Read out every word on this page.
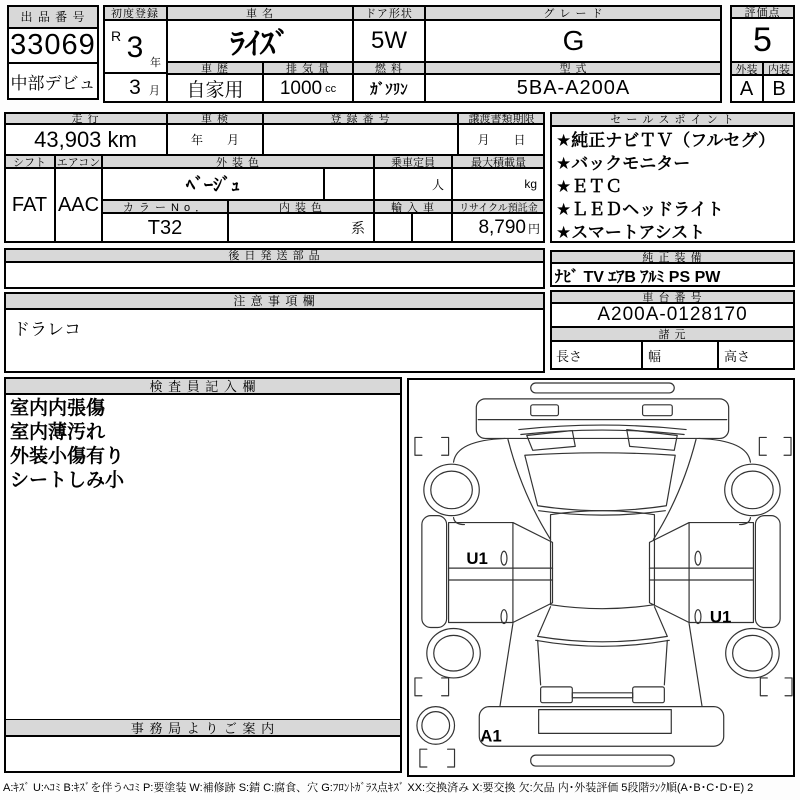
出 品 番 号
33069
中部デビュ
初度登録
R 3 年
3 月
車 名
ﾗｲｽﾞ
車 歴
自家用
排 気 量
1000 cc
ドア形状
5W
燃 料
ｶﾞｿﾘﾝ
グ レ ー ド
G
型 式
5BA-A200A
評価点
5
外装 内装
A B
走 行
43,903 km
車 検
年　　月
登 録 番 号	譲渡書類期限
月　　日
シフト
FAT
エアコン
AAC
外 装 色
ﾍﾞｰｼﾞｭ
カ ラ ー N o ．
T32
内 装 色
系
乗車定員
人
最大積載量
kg
輸 入 車	リサイクル預託金
8,790 円
セ ー ル ス ポ イ ン ト
★純正ナビＴＶ（フルセグ）
★バックモニター
★ＥＴＣ
★ＬＥＤヘッドライト
★スマートアシスト
後 日 発 送 部 品	純 正 装 備
ﾅﾋﾞ TV ｴｱB ｱﾙﾐ PS PW
注 意 事 項 欄
ドラレコ
車 台 番 号
A200A-0128170
諸 元
長さ	幅	高さ
検 査 員 記 入 欄
室内内張傷
室内薄汚れ
外装小傷有り
シートしみ小
事 務 局 よ り ご 案 内
U1
U1
A1
A:ｷｽﾞ U:ﾍｺﾐ B:ｷｽﾞを伴うﾍｺﾐ P:要塗装 W:補修跡 S:錆 C:腐食、穴 G:ﾌﾛﾝﾄｶﾞﾗｽ点ｷｽﾞ XX:交換済み X:要交換 欠:欠品 内･外装評価 5段階ﾗﾝｸ順(A･B･C･D･E) 2
